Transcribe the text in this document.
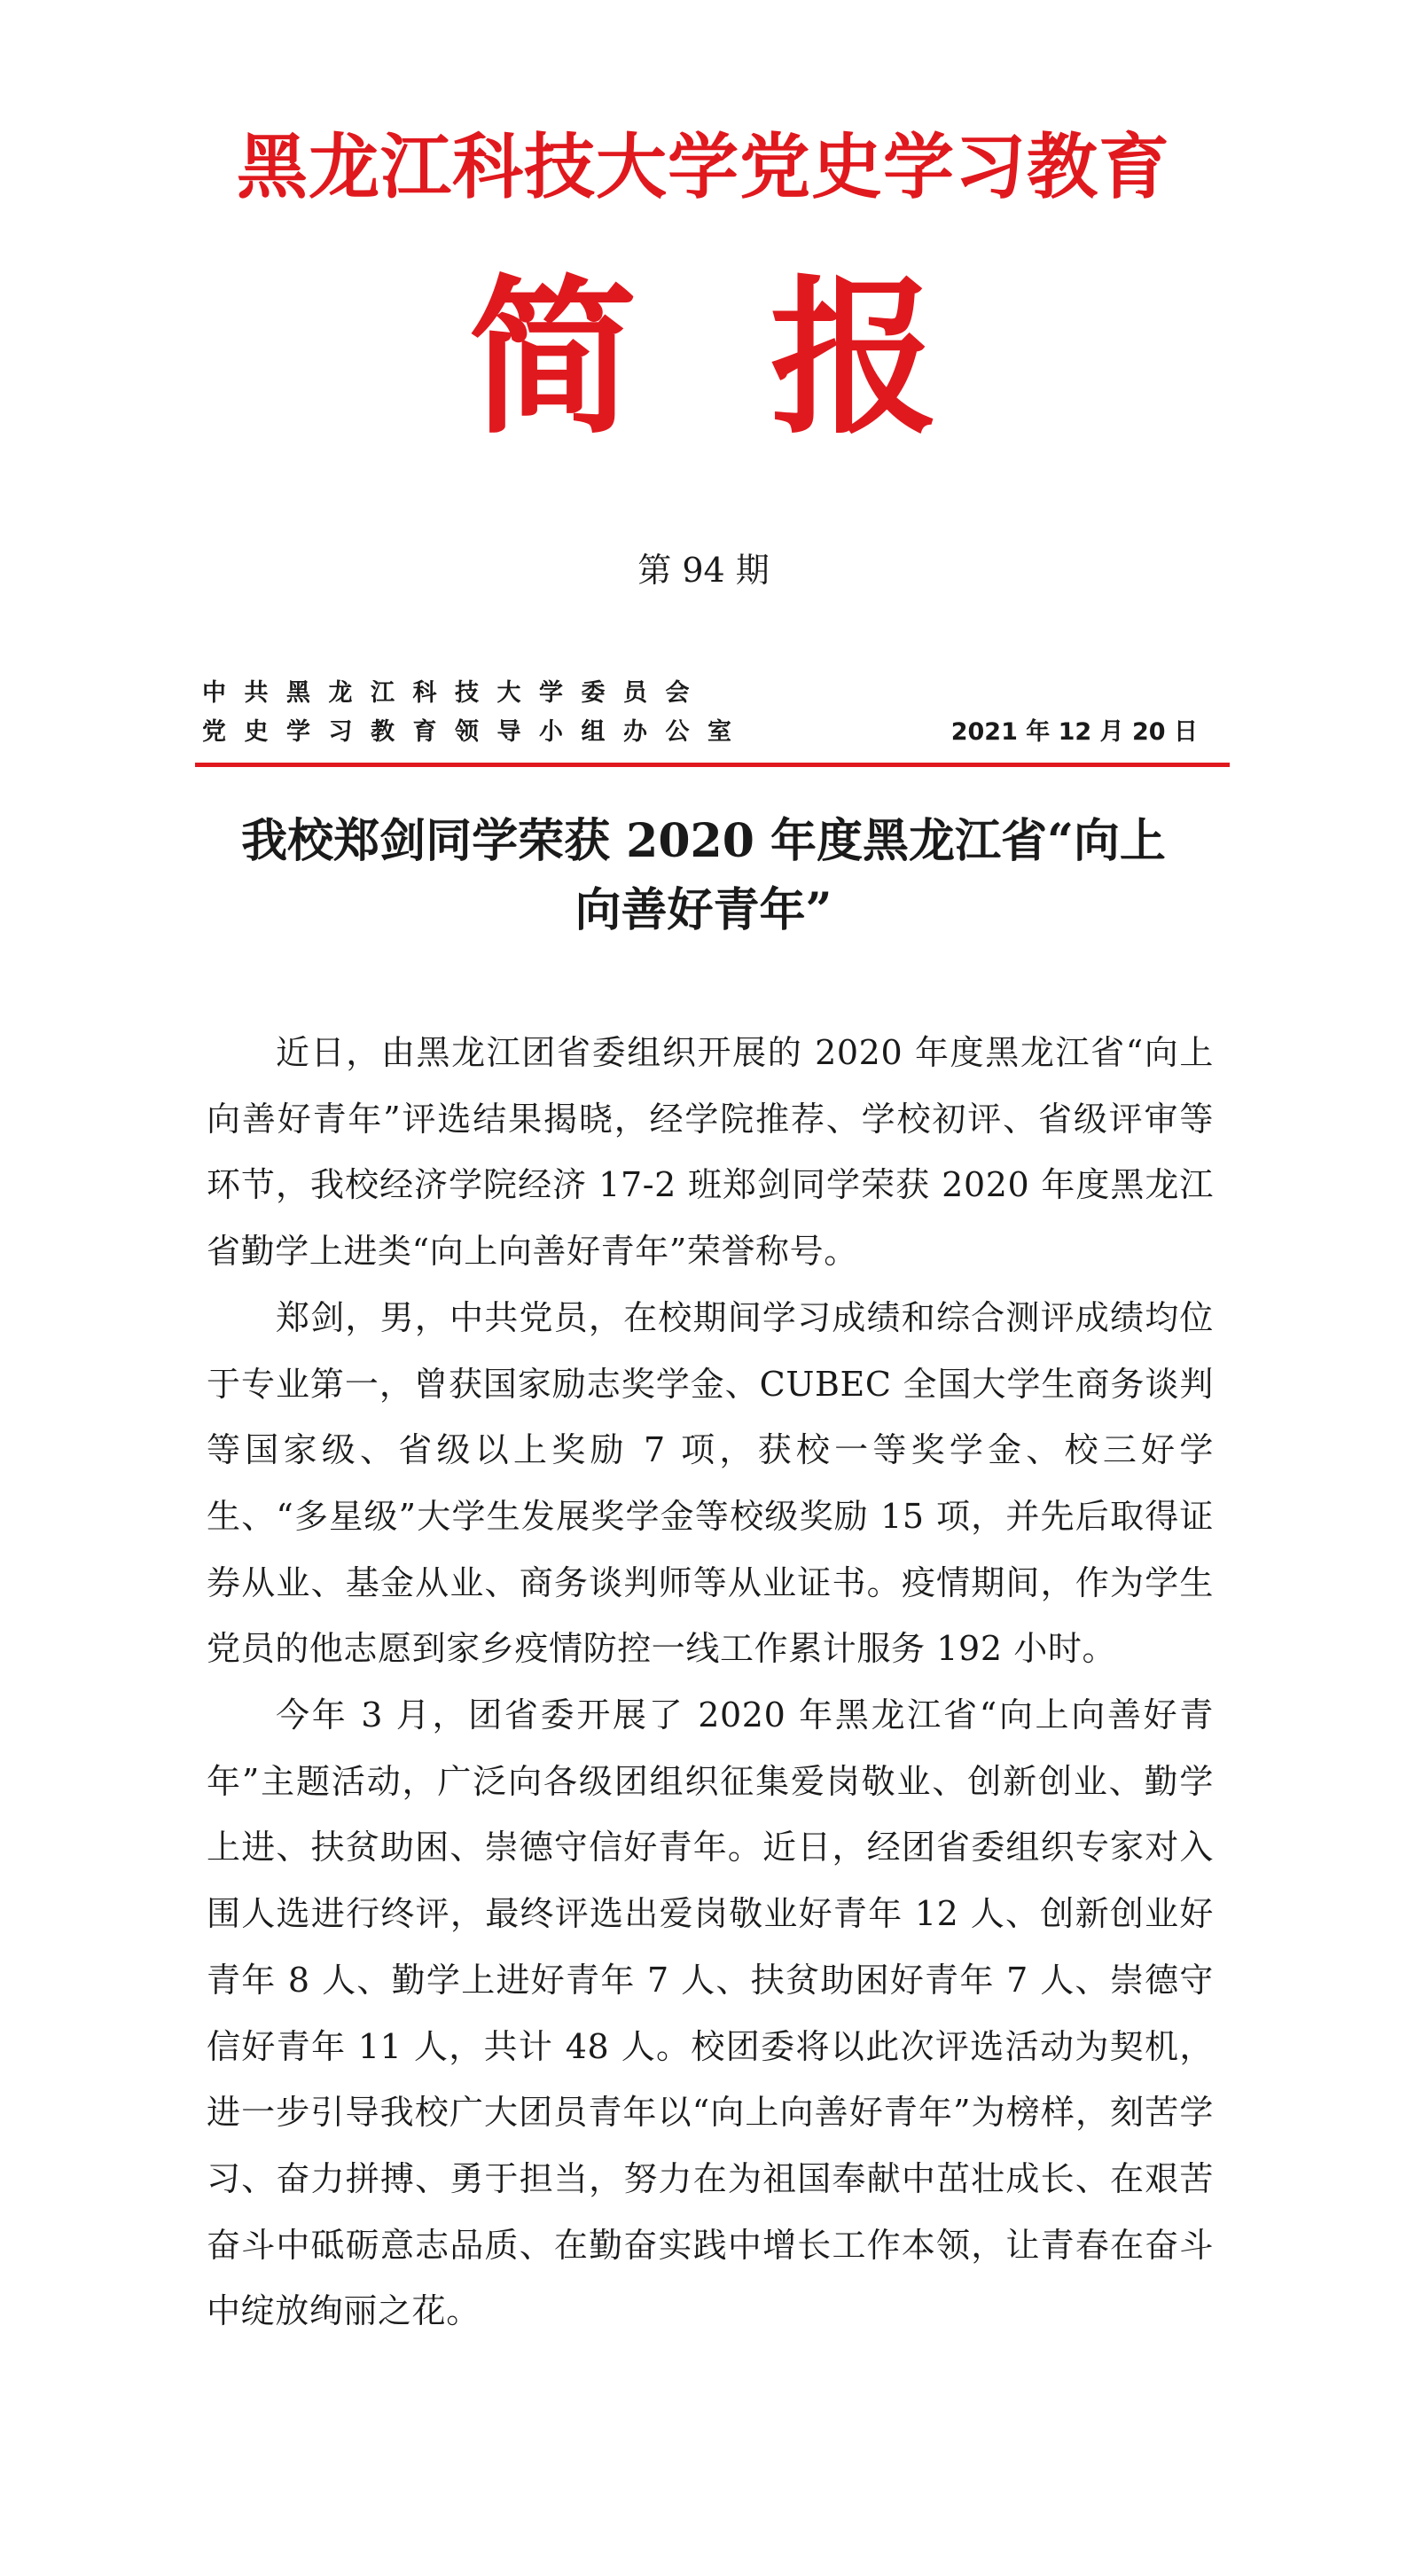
黑龙江科技大学党史学习教育
简报
第 94 期
中共黑龙江科技大学委员会
党史学习教育领导小组办公室	2021 年 12 月 20 日
我校郑剑同学荣获 2020 年度黑龙江省“向上向善好青年”

近日，由黑龙江团省委组织开展的 2020 年度黑龙江省“向上向善好青年”评选结果揭晓，经学院推荐、学校初评、省级评审等环节，我校经济学院经济 17-2 班郑剑同学荣获 2020 年度黑龙江省勤学上进类“向上向善好青年”荣誉称号。

郑剑，男，中共党员，在校期间学习成绩和综合测评成绩均位于专业第一，曾获国家励志奖学金、CUBEC 全国大学生商务谈判等国家级、省级以上奖励 7 项，获校一等奖学金、校三好学生、“多星级”大学生发展奖学金等校级奖励 15 项，并先后取得证券从业、基金从业、商务谈判师等从业证书。疫情期间，作为学生党员的他志愿到家乡疫情防控一线工作累计服务 192 小时。

今年 3 月，团省委开展了 2020 年黑龙江省“向上向善好青年”主题活动，广泛向各级团组织征集爱岗敬业、创新创业、勤学上进、扶贫助困、崇德守信好青年。近日，经团省委组织专家对入围人选进行终评，最终评选出爱岗敬业好青年 12 人、创新创业好青年 8 人、勤学上进好青年 7 人、扶贫助困好青年 7 人、崇德守信好青年 11 人，共计 48 人。校团委将以此次评选活动为契机，进一步引导我校广大团员青年以“向上向善好青年”为榜样，刻苦学习、奋力拼搏、勇于担当，努力在为祖国奉献中茁壮成长、在艰苦奋斗中砥砺意志品质、在勤奋实践中增长工作本领，让青春在奋斗中绽放绚丽之花。
